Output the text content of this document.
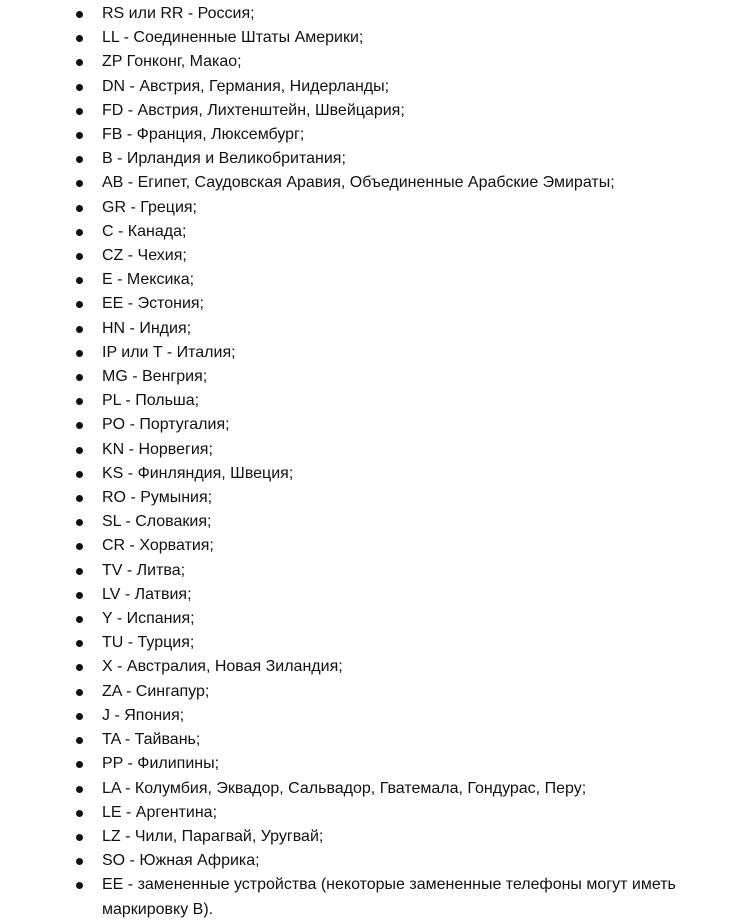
RS или RR - Россия;
LL - Соединенные Штаты Америки;
ZP Гонконг, Макао;
DN - Австрия, Германия, Нидерланды;
FD - Австрия, Лихтенштейн, Швейцария;
FB - Франция, Люксембург;
B - Ирландия и Великобритания;
AB - Египет, Саудовская Аравия, Объединенные Арабские Эмираты;
GR - Греция;
C - Канада;
CZ - Чехия;
E - Мексика;
EE - Эстония;
HN - Индия;
IP или T - Италия;
MG - Венгрия;
PL - Польша;
PO - Португалия;
KN - Норвегия;
KS - Финляндия, Швеция;
RO - Румыния;
SL - Словакия;
CR - Хорватия;
TV - Литва;
LV - Латвия;
Y - Испания;
TU - Турция;
X - Австралия, Новая Зиландия;
ZA - Сингапур;
J - Япония;
TA - Тайвань;
PP - Филипины;
LA - Колумбия, Эквадор, Сальвадор, Гватемала, Гондурас, Перу;
LE - Аргентина;
LZ - Чили, Парагвай, Уругвай;
SO - Южная Африка;
EE - замененные устройства (некоторые замененные телефоны могут иметь маркировку B).
